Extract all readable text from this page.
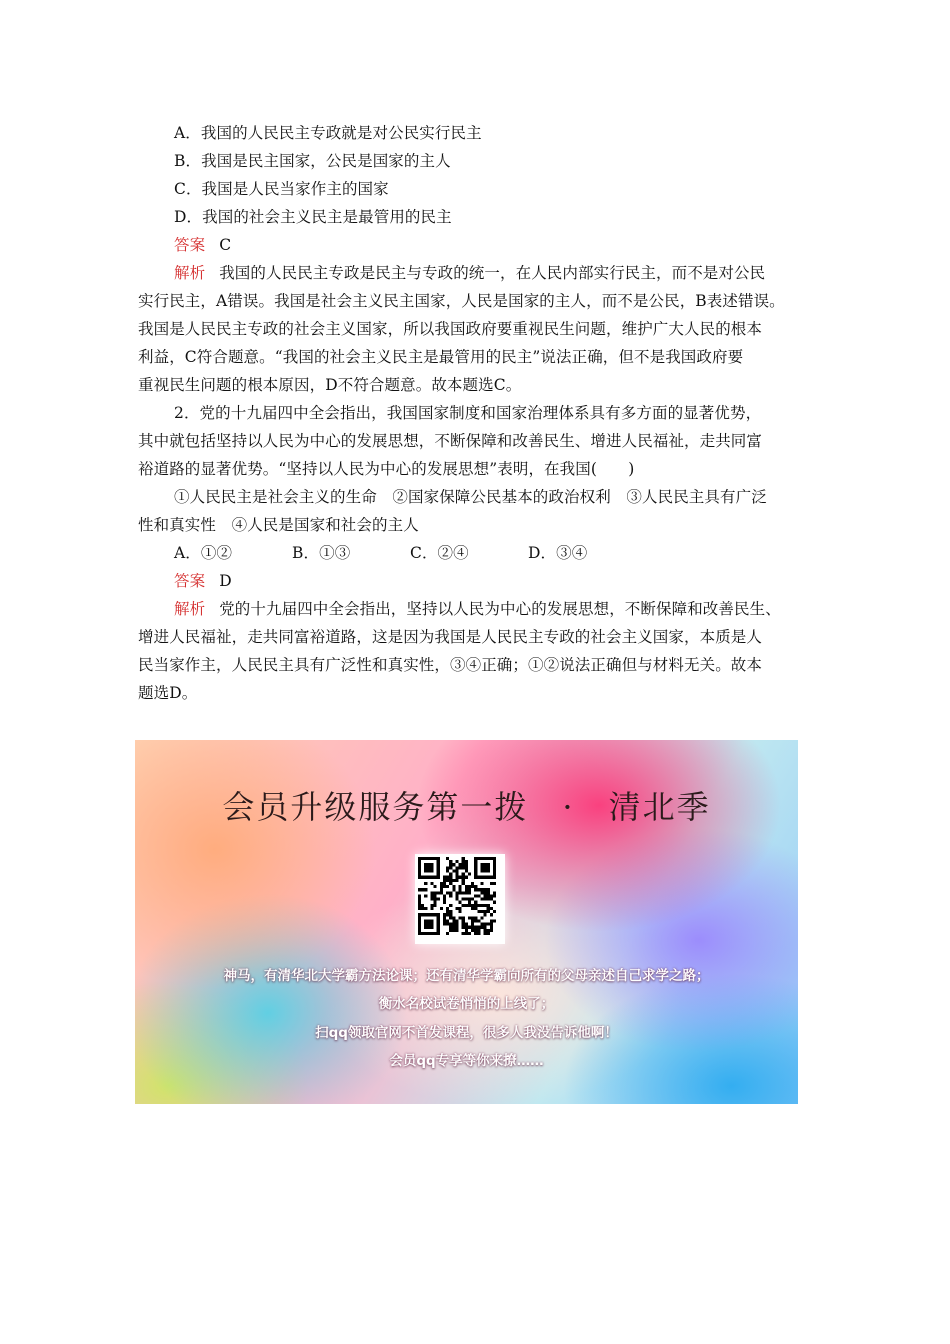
A．我国的人民民主专政就是对公民实行民主
B．我国是民主国家，公民是国家的主人
C．我国是人民当家作主的国家
D．我国的社会主义民主是最管用的民主
答案 C
解析 我国的人民民主专政是民主与专政的统一，在人民内部实行民主，而不是对公民
实行民主，A错误。我国是社会主义民主国家，人民是国家的主人，而不是公民，B表述错误。
我国是人民民主专政的社会主义国家，所以我国政府要重视民生问题，维护广大人民的根本
利益，C符合题意。“我国的社会主义民主是最管用的民主”说法正确，但不是我国政府要
重视民生问题的根本原因，D不符合题意。故本题选C。
2．党的十九届四中全会指出，我国国家制度和国家治理体系具有多方面的显著优势，
其中就包括坚持以人民为中心的发展思想，不断保障和改善民生、增进人民福祉，走共同富
裕道路的显著优势。“坚持以人民为中心的发展思想”表明，在我国(　　)
①人民民主是社会主义的生命　②国家保障公民基本的政治权利　③人民民主具有广泛
性和真实性　④人民是国家和社会的主人
A．①②	B．①③	C．②④	D．③④
答案 D
解析 党的十九届四中全会指出，坚持以人民为中心的发展思想，不断保障和改善民生、
增进人民福祉，走共同富裕道路，这是因为我国是人民民主专政的社会主义国家，本质是人
民当家作主，人民民主具有广泛性和真实性，③④正确；①②说法正确但与材料无关。故本
题选D。
会员升级服务第一拨　·　清北季
神马，有清华北大学霸方法论课；还有清华学霸向所有的父母亲述自己求学之路；
衡水名校试卷悄悄的上线了；
扫qq领取官网不首发课程，很多人我没告诉他啊！
会员qq专享等你来撩……
